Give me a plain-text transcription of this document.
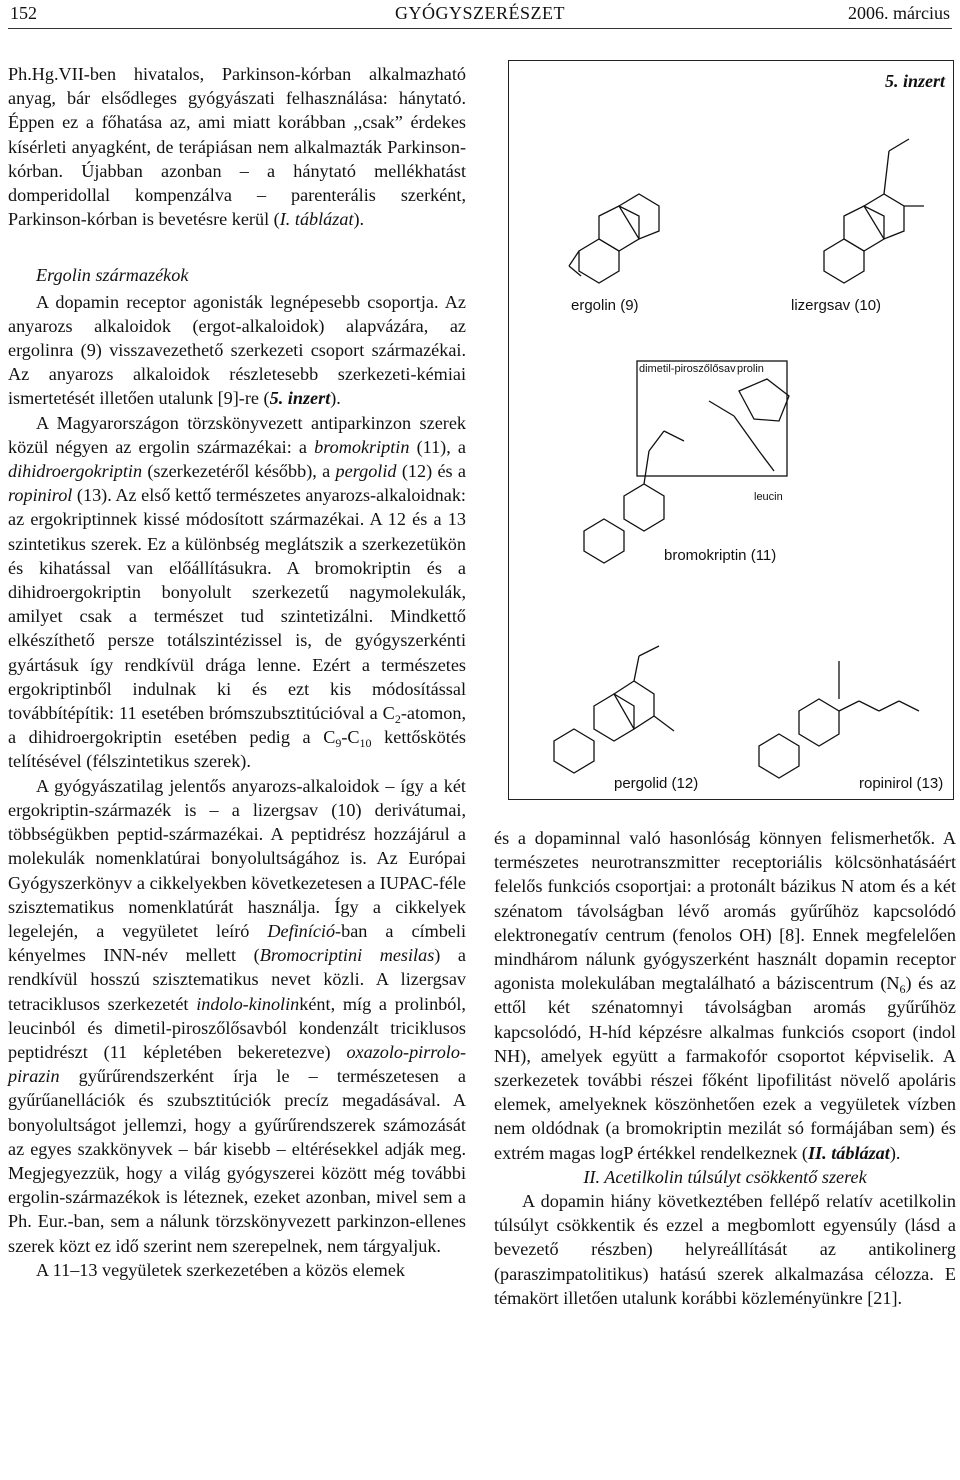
152	GYÓGYSZERÉSZET	2006. március

Ph.Hg.VII-ben hivatalos, Parkinson-kórban alkalmazható anyag, bár elsődleges gyógyászati felhasználása: hánytató. Éppen ez a főhatása az, ami miatt korábban ,,csak” érdekes kísérleti anyagként, de terápiásan nem alkalmazták Parkinson-kórban. Újabban azonban – a hánytató mellékhatást domperidollal kompenzálva – parenterális szerként, Parkinson-kórban is bevetésre kerül (I. táblázat).

Ergolin származékok

A dopamin receptor agonisták legnépesebb csoportja. Az anyarozs alkaloidok (ergot-alkaloidok) alapvázára, az ergolinra (9) visszavezethető szerkezeti csoport származékai. Az anyarozs alkaloidok részletesebb szerkezeti-kémiai ismertetését illetően utalunk [9]-re (5. inzert).

A Magyarországon törzskönyvezett antiparkinzon szerek közül négyen az ergolin származékai: a bromokriptin (11), a dihidroergokriptin (szerkezetéről később), a pergolid (12) és a ropinirol (13). Az első kettő természetes anyarozs-alkaloidnak: az ergokriptinnek kissé módosított származékai. A 12 és a 13 szintetikus szerek. Ez a különbség meglátszik a szerkezetükön és kihatással van előállításukra. A bromokriptin és a dihidroergokriptin bonyolult szerkezetű nagymolekulák, amilyet csak a természet tud szintetizálni. Mindkettő elkészíthető persze totálszintézissel is, de gyógyszerkénti gyártásuk így rendkívül drága lenne. Ezért a természetes ergokriptinből indulnak ki és ezt kis módosítással továbbítépítik: 11 esetében brómszubsztitúcióval a $C_2$-atomon, a dihidroergokriptin esetében pedig a $C_9-C_{10}$ kettőskötés telítésével (félszintetikus szerek).

A gyógyászatilag jelentős anyarozs-alkaloidok – így a két ergokriptin-származék is – a lizergsav (10) derivátumai, többségükben peptid-származékai. A peptidrész hozzájárul a molekulák nomenklatúrai bonyolultságához is. Az Európai Gyógyszerkönyv a cikkelyekben következetesen a IUPAC-féle szisztematikus nomenklatúrát használja. Így a cikkelyek legelején, a vegyületet leíró Definíció-ban a címbeli kényelmes INN-név mellett (Bromocriptini mesilas) a rendkívül hosszú szisztematikus nevet közli. A lizergsav tetraciklusos szerkezetét indolo-kinolinként, míg a prolinból, leucinból és dimetil-piroszőlősavból kondenzált triciklusos peptidrészt (11 képletében bekeretezve) oxazolo-pirrolo-pirazin gyűrűrendszerként írja le – természetesen a gyűrűanellációk és szubsztitúciók precíz megadásával. A bonyolultságot jellemzi, hogy a gyűrűrendszerek számozását az egyes szakkönyvek – bár kisebb – eltérésekkel adják meg. Megjegyezzük, hogy a világ gyógyszerei között még további ergolin-származékok is léteznek, ezeket azonban, mivel sem a Ph. Eur.-ban, sem a nálunk törzskönyvezett parkinzon-ellenes szerek közt ez idő szerint nem szerepelnek, nem tárgyaljuk.

A 11–13 vegyületek szerkezetében a közös elemek

5. inzert
ergolin (9)	lizergsav (10)
dimetil-piroszőlősav prolin
leucin
bromokriptin (11)
pergolid (12)	ropinirol (13)

és a dopaminnal való hasonlóság könnyen felismerhetők. A természetes neurotranszmitter receptoriális kölcsönhatásáért felelős funkciós csoportjai: a protonált bázikus N atom és a két szénatom távolságban lévő aromás gyűrűhöz kapcsolódó elektronegatív centrum (fenolos OH) [8]. Ennek megfelelően mindhárom nálunk gyógyszerként használt dopamin receptor agonista molekulában megtalálható a báziscentrum $(N_6)$ és az ettől két szénatomnyi távolságban aromás gyűrűhöz kapcsolódó, H-híd képzésre alkalmas funkciós csoport (indol NH), amelyek együtt a farmakofór csoportot képviselik. A szerkezetek további részei főként lipofilitást növelő apoláris elemek, amelyeknek köszönhetően ezek a vegyületek vízben nem oldódnak (a bromokriptin mezilát só formájában sem) és extrém magas logP értékkel rendelkeznek (II. táblázat).

II. Acetilkolin túlsúlyt csökkentő szerek

A dopamin hiány következtében fellépő relatív acetilkolin túlsúlyt csökkentik és ezzel a megbomlott egyensúly (lásd a bevezető részben) helyreállítását az antikolinerg (paraszimpatolitikus) hatású szerek alkalmazása célozza. E témakört illetően utalunk korábbi közleményünkre [21].
